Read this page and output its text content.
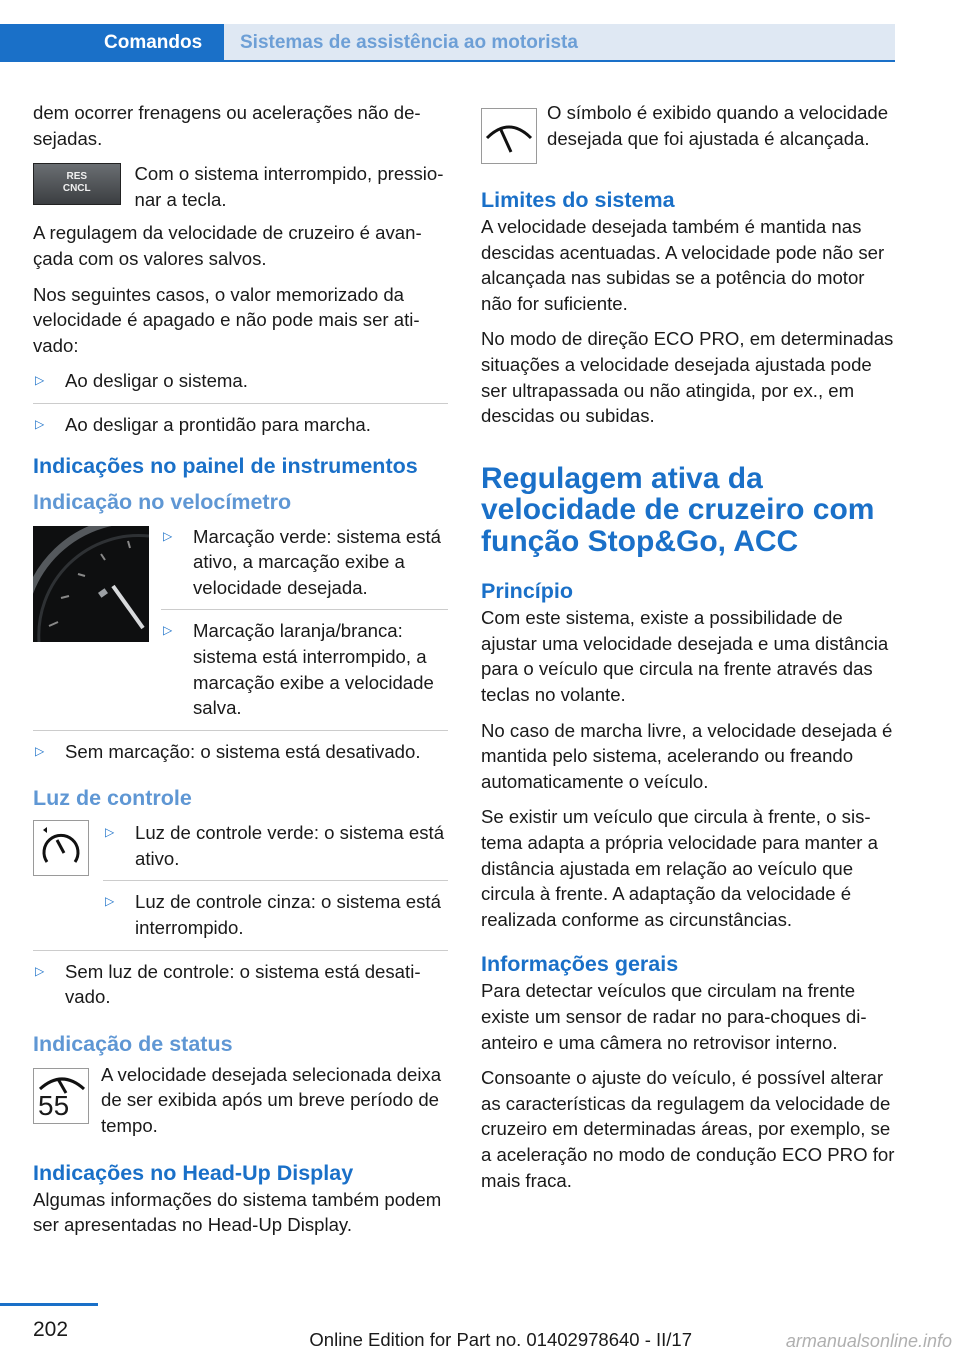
Comandos	Sistemas de assistência ao motorista

dem ocorrer frenagens ou acelerações não desejadas.

RES
CNCL
Com o sistema interrompido, pressionar a tecla.

A regulagem da velocidade de cruzeiro é avançada com os valores salvos.

Nos seguintes casos, o valor memorizado da velocidade é apagado e não pode mais ser ativado:

▷	Ao desligar o sistema.
▷	Ao desligar a prontidão para marcha.
Indicações no painel de instrumentos
Indicação no velocímetro
▷	Marcação verde: sistema está ativo, a marcação exibe a velocidade desejada.
▷	Marcação laranja/branca: sistema está interrompido, a marcação exibe a velocidade salva.
▷	Sem marcação: o sistema está desativado.
Luz de controle
▷	Luz de controle verde: o sistema está ativo.
▷	Luz de controle cinza: o sistema está interrompido.
▷	Sem luz de controle: o sistema está desativado.
Indicação de status
55
A velocidade desejada selecionada deixa de ser exibida após um breve período de tempo.
Indicações no Head-Up Display

Algumas informações do sistema também podem ser apresentadas no Head-Up Display.

O símbolo é exibido quando a velocidade desejada que foi ajustada é alcançada.
Limites do sistema

A velocidade desejada também é mantida nas descidas acentuadas. A velocidade pode não ser alcançada nas subidas se a potência do motor não for suficiente.

No modo de direção ECO PRO, em determinadas situações a velocidade desejada ajustada pode ser ultrapassada ou não atingida, por ex., em descidas ou subidas.

Regulagem ativa da velocidade de cruzeiro com função Stop&Go, ACC
Princípio

Com este sistema, existe a possibilidade de ajustar uma velocidade desejada e uma distância para o veículo que circula na frente através das teclas no volante.

No caso de marcha livre, a velocidade desejada é mantida pelo sistema, acelerando ou freando automaticamente o veículo.

Se existir um veículo que circula à frente, o sistema adapta a própria velocidade para manter a distância ajustada em relação ao veículo que circula à frente. A adaptação da velocidade é realizada conforme as circunstâncias.

Informações gerais

Para detectar veículos que circulam na frente existe um sensor de radar no para-choques dianteiro e uma câmera no retrovisor interno.

Consoante o ajuste do veículo, é possível alterar as características da regulagem da velocidade de cruzeiro em determinadas áreas, por exemplo, se a aceleração no modo de condução ECO PRO for mais fraca.

202	Online Edition for Part no. 01402978640 - II/17	armanualsonline.info
